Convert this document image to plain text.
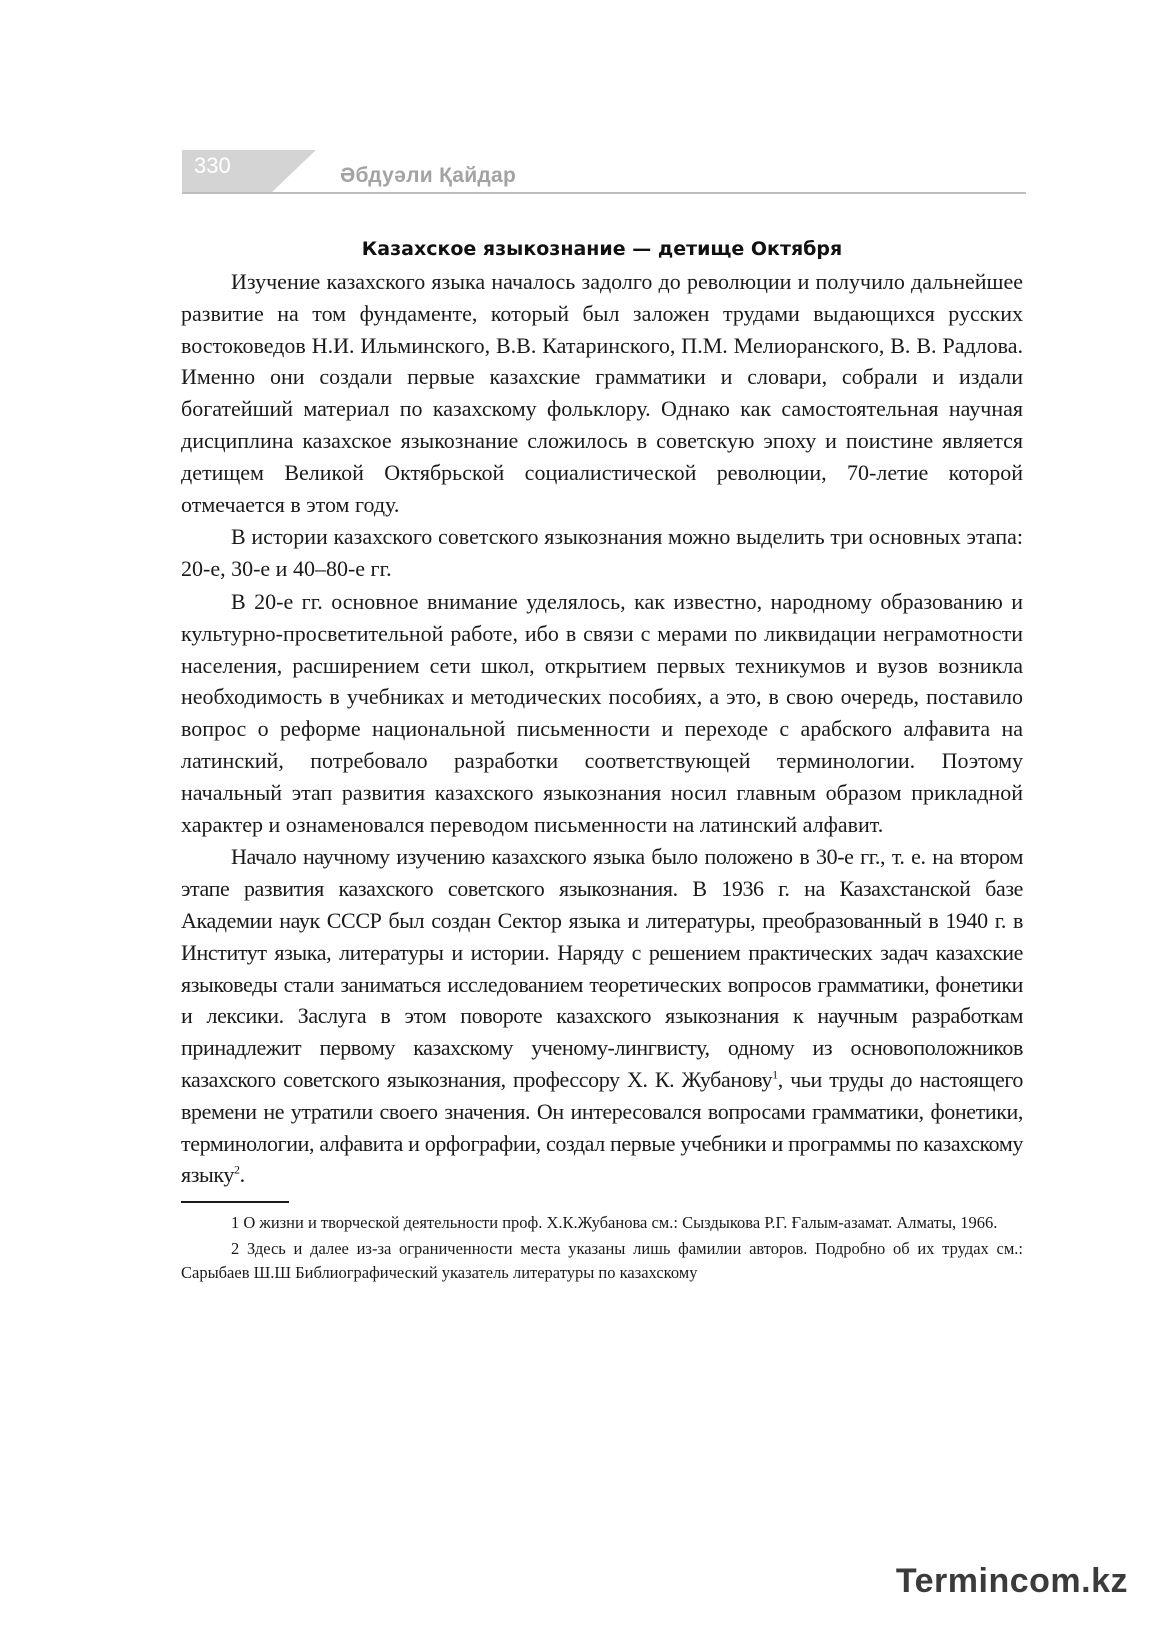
330	Әбдуәли Қайдар
Казахское языкознание — детище Октября

Изучение казахского языка началось задолго до революции и получило дальнейшее развитие на том фундаменте, который был заложен трудами выдающихся русских востоковедов Н.И. Ильминского, В.В. Катаринского, П.М. Мелиоранского, В. В. Радлова. Именно они создали первые казахские грамматики и словари, собрали и издали богатейший материал по казахскому фольклору. Однако как самостоятельная научная дисциплина казахское языкознание сложилось в советскую эпоху и поистине является детищем Великой Октябрьской социалистической революции, 70-летие которой отмечается в этом году.

В истории казахского советского языкознания можно выделить три основных этапа: 20-е, 30-е и 40–80-е гг.

В 20-е гг. основное внимание уделялось, как известно, народному образованию и культурно-просветительной работе, ибо в связи с мерами по ликвидации неграмотности населения, расширением сети школ, открытием первых техникумов и вузов возникла необходимость в учебниках и методических пособиях, а это, в свою очередь, поставило вопрос о реформе национальной письменности и переходе с арабского алфавита на латинский, потребовало разработки соответствующей терминологии. Поэтому начальный этап развития казахского языкознания носил главным образом прикладной характер и ознаменовался переводом письменности на латинский алфавит.

Начало научному изучению казахского языка было положено в 30-е гг., т. е. на втором этапе развития казахского советского языкознания. В 1936 г. на Казахстанской базе Академии наук СССР был создан Сектор языка и литературы, преобразованный в 1940 г. в Институт языка, литературы и истории. Наряду с решением практических задач казахские языковеды стали заниматься исследованием теоретических вопросов грамматики, фонетики и лексики. Заслуга в этом повороте казахского языкознания к научным разработкам принадлежит первому казахскому ученому-лингвисту, одному из основоположников казахского советского языкознания, профессору Х. К. Жубанову$^1$, чьи труды до настоящего времени не утратили своего значения. Он интересовался вопросами грамматики, фонетики, терминологии, алфавита и орфографии, создал первые учебники и программы по казахскому языку$^2$.

1 О жизни и творческой деятельности проф. Х.К.Жубанова см.: Сыздыкова Р.Г. Ғалым-азамат. Алматы, 1966.

2 Здесь и далее из-за ограниченности места указаны лишь фамилии авторов. Подробно об их трудах см.: Сарыбаев Ш.Ш Библиографический указатель литературы по казахскому

Termincom.kz
